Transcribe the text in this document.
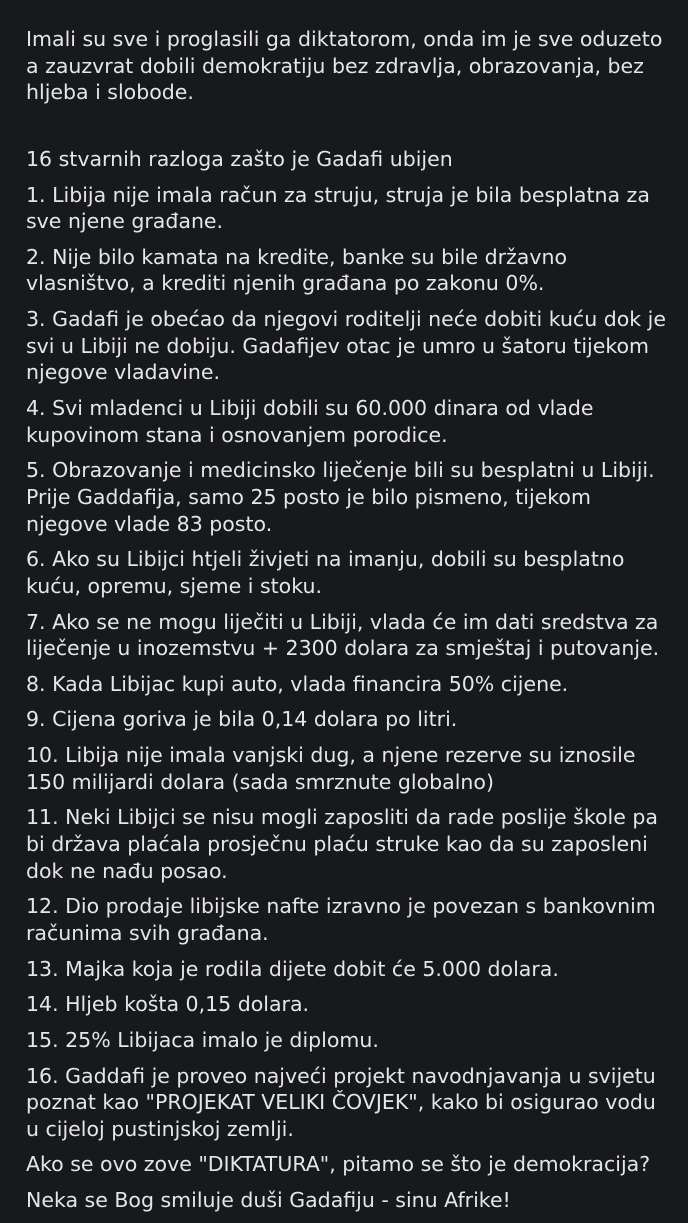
Imali su sve i proglasili ga diktatorom, onda im je sve oduzeto a zauzvrat dobili demokratiju bez zdravlja, obrazovanja, bez hljeba i slobode.

16 stvarnih razloga zašto je Gadafi ubijen

1. Libija nije imala račun za struju, struja je bila besplatna za sve njene građane.

2. Nije bilo kamata na kredite, banke su bile državno vlasništvo, a krediti njenih građana po zakonu 0%.

3. Gadafi je obećao da njegovi roditelji neće dobiti kuću dok je svi u Libiji ne dobiju. Gadafijev otac je umro u šatoru tijekom njegove vladavine.

4. Svi mladenci u Libiji dobili su 60.000 dinara od vlade kupovinom stana i osnovanjem porodice.

5. Obrazovanje i medicinsko liječenje bili su besplatni u Libiji. Prije Gaddafija, samo 25 posto je bilo pismeno, tijekom njegove vlade 83 posto.

6. Ako su Libijci htjeli živjeti na imanju, dobili su besplatno kuću, opremu, sjeme i stoku.

7. Ako se ne mogu liječiti u Libiji, vlada će im dati sredstva za liječenje u inozemstvu + 2300 dolara za smještaj i putovanje.

8. Kada Libijac kupi auto, vlada financira 50% cijene.

9. Cijena goriva je bila 0,14 dolara po litri.

10. Libija nije imala vanjski dug, a njene rezerve su iznosile 150 milijardi dolara (sada smrznute globalno)

11. Neki Libijci se nisu mogli zaposliti da rade poslije škole pa bi država plaćala prosječnu plaću struke kao da su zaposleni dok ne nađu posao.

12. Dio prodaje libijske nafte izravno je povezan s bankovnim računima svih građana.

13. Majka koja je rodila dijete dobit će 5.000 dolara.

14. Hljeb košta 0,15 dolara.

15. 25% Libijaca imalo je diplomu.

16. Gaddafi je proveo najveći projekt navodnjavanja u svijetu poznat kao "PROJEKAT VELIKI ČOVJEK", kako bi osigurao vodu u cijeloj pustinjskoj zemlji.

Ako se ovo zove "DIKTATURA", pitamo se što je demokracija?

Neka se Bog smiluje duši Gadafiju - sinu Afrike!
